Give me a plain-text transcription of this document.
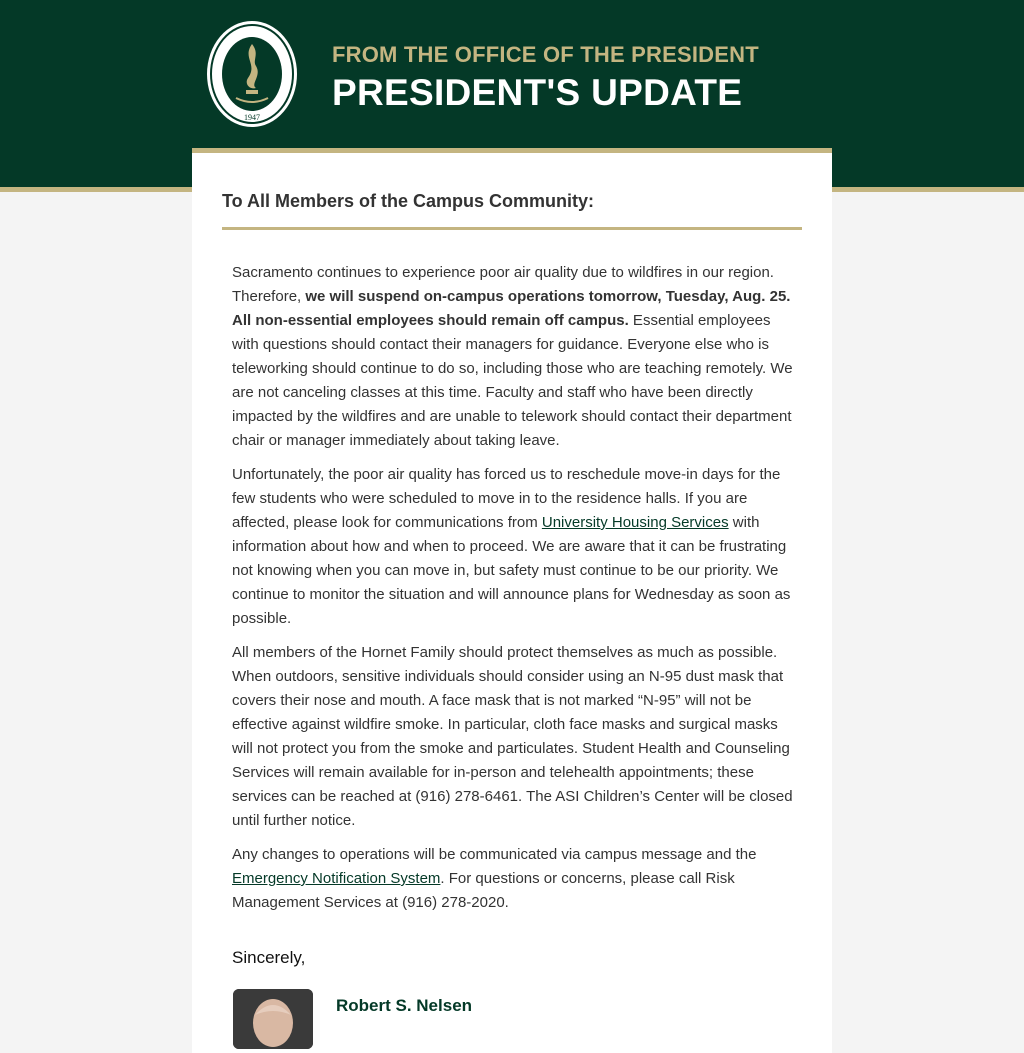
1947
FROM THE OFFICE OF THE PRESIDENT
PRESIDENT'S UPDATE
To All Members of the Campus Community:

Sacramento continues to experience poor air quality due to wildfires in our region. Therefore, we will suspend on-campus operations tomorrow, Tuesday, Aug. 25. All non-essential employees should remain off campus. Essential employees with questions should contact their managers for guidance. Everyone else who is teleworking should continue to do so, including those who are teaching remotely. We are not canceling classes at this time. Faculty and staff who have been directly impacted by the wildfires and are unable to telework should contact their department chair or manager immediately about taking leave.

Unfortunately, the poor air quality has forced us to reschedule move-in days for the few students who were scheduled to move in to the residence halls. If you are affected, please look for communications from University Housing Services with information about how and when to proceed. We are aware that it can be frustrating not knowing when you can move in, but safety must continue to be our priority. We continue to monitor the situation and will announce plans for Wednesday as soon as possible.

All members of the Hornet Family should protect themselves as much as possible. When outdoors, sensitive individuals should consider using an N-95 dust mask that covers their nose and mouth. A face mask that is not marked “N-95” will not be effective against wildfire smoke. In particular, cloth face masks and surgical masks will not protect you from the smoke and particulates. Student Health and Counseling Services will remain available for in-person and telehealth appointments; these services can be reached at (916) 278-6461. The ASI Children’s Center will be closed until further notice.

Any changes to operations will be communicated via campus message and the Emergency Notification System. For questions or concerns, please call Risk Management Services at (916) 278-2020.

Sincerely,
Robert S. Nelsen
